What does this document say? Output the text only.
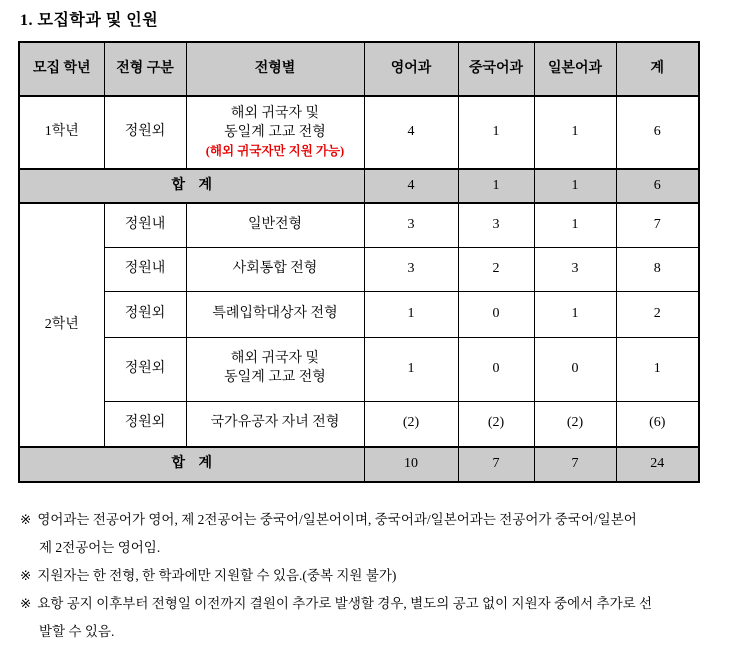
1. 모집학과 및 인원
모집 학년	전형 구분	전형별	영어과	중국어과	일본어과	계
1학년	정원외	해외 귀국자 및
동일계 고교 전형
(해외 귀국자만 지원 가능)	4	1	1	6
합 계			4	1	1	6
2학년	정원내	일반전형	3	3	1	7
	정원내	사회통합 전형	3	2	3	8
	정원외	특례입학대상자 전형	1	0	1	2
	정원외	해외 귀국자 및
동일계 고교 전형	1	0	0	1
	정원외	국가유공자 자녀 전형	(2)	(2)	(2)	(6)
합 계			10	7	7	24
※ 영어과는 전공어가 영어, 제 2전공어는 중국어/일본어이며, 중국어과/일본어과는 전공어가 중국어/일본어
제 2전공어는 영어임.
※ 지원자는 한 전형, 한 학과에만 지원할 수 있음.(중복 지원 불가)
※ 요항 공지 이후부터 전형일 이전까지 결원이 추가로 발생할 경우, 별도의 공고 없이 지원자 중에서 추가로 선
발할 수 있음.
